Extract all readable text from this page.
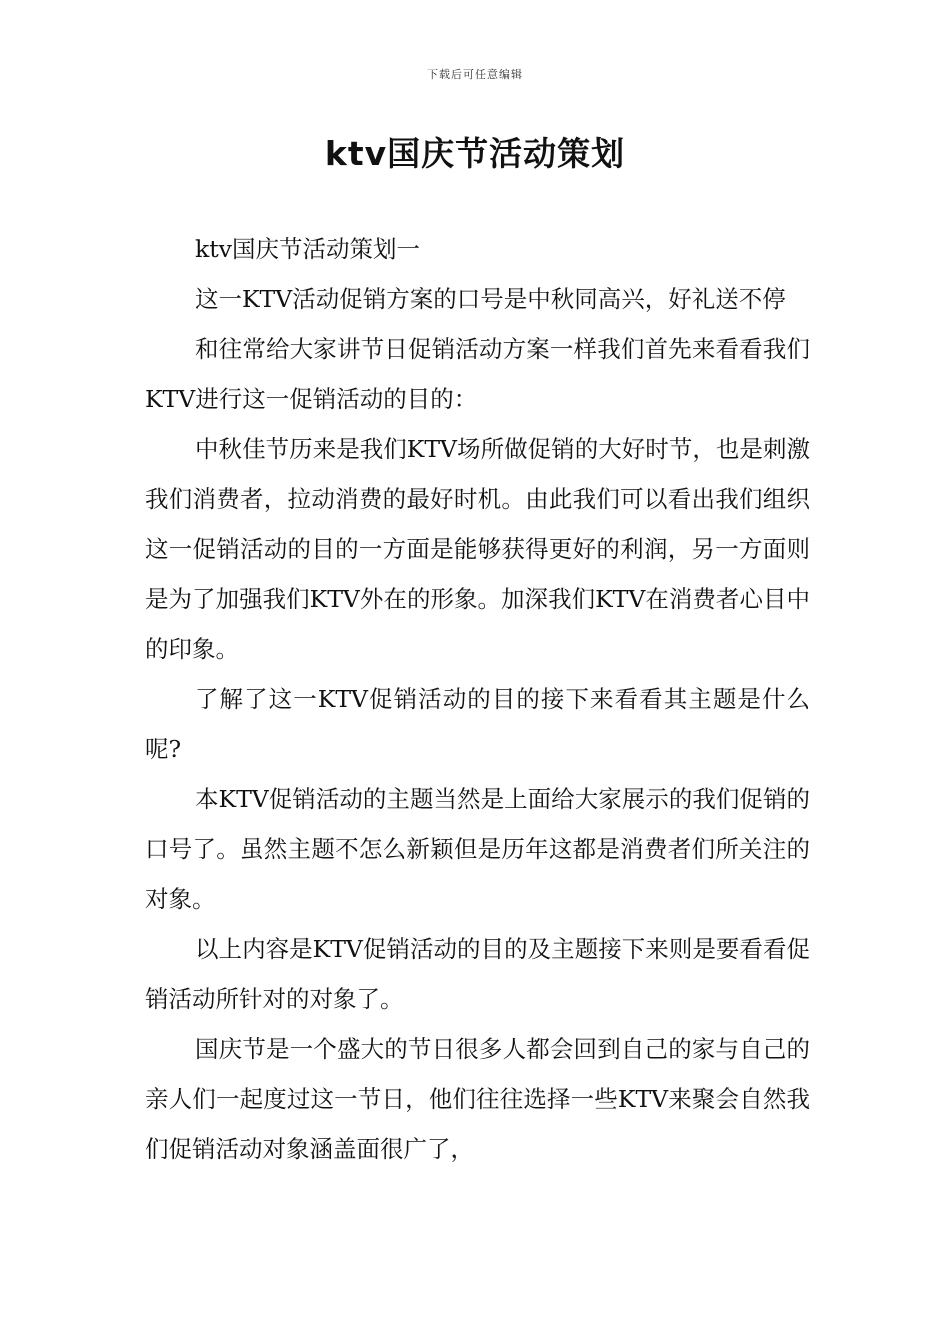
下载后可任意编辑
ktv国庆节活动策划

ktv国庆节活动策划一

这一KTV活动促销方案的口号是中秋同高兴，好礼送不停

和往常给大家讲节日促销活动方案一样我们首先来看看我们KTV进行这一促销活动的目的：

中秋佳节历来是我们KTV场所做促销的大好时节，也是刺激我们消费者，拉动消费的最好时机。由此我们可以看出我们组织这一促销活动的目的一方面是能够获得更好的利润，另一方面则是为了加强我们KTV外在的形象。加深我们KTV在消费者心目中的印象。

了解了这一KTV促销活动的目的接下来看看其主题是什么呢?

本KTV促销活动的主题当然是上面给大家展示的我们促销的口号了。虽然主题不怎么新颖但是历年这都是消费者们所关注的对象。

以上内容是KTV促销活动的目的及主题接下来则是要看看促销活动所针对的对象了。

国庆节是一个盛大的节日很多人都会回到自己的家与自己的亲人们一起度过这一节日，他们往往选择一些KTV来聚会自然我们促销活动对象涵盖面很广了，
